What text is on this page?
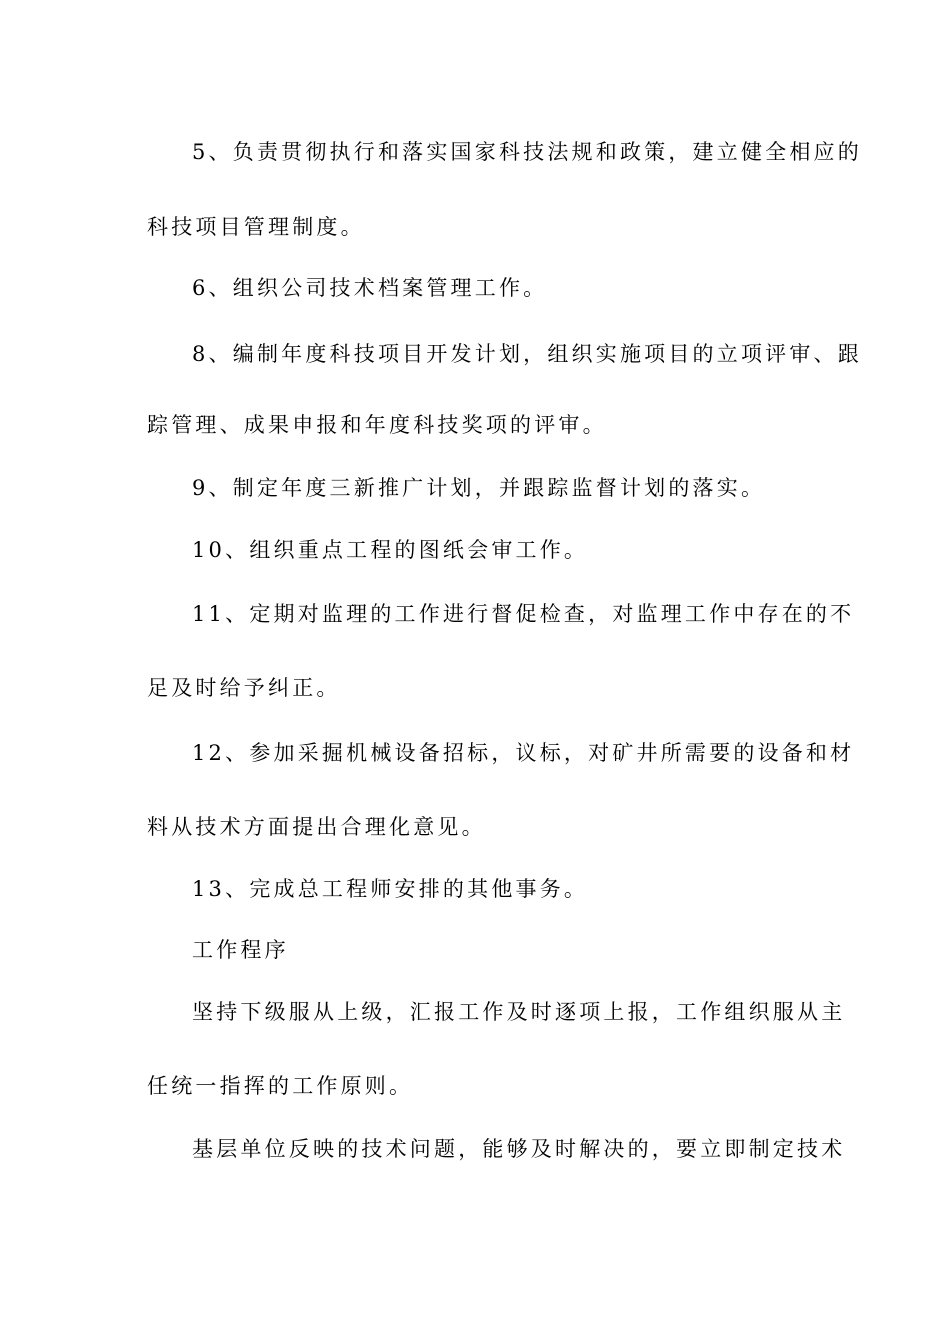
5、负责贯彻执行和落实国家科技法规和政策，建立健全相应的
科技项目管理制度。
6、组织公司技术档案管理工作。
8、编制年度科技项目开发计划，组织实施项目的立项评审、跟
踪管理、成果申报和年度科技奖项的评审。
9、制定年度三新推广计划，并跟踪监督计划的落实。
10、组织重点工程的图纸会审工作。
11、定期对监理的工作进行督促检查，对监理工作中存在的不
足及时给予纠正。
12、参加采掘机械设备招标，议标，对矿井所需要的设备和材
料从技术方面提出合理化意见。
13、完成总工程师安排的其他事务。
工作程序
坚持下级服从上级，汇报工作及时逐项上报，工作组织服从主
任统一指挥的工作原则。
基层单位反映的技术问题，能够及时解决的，要立即制定技术
